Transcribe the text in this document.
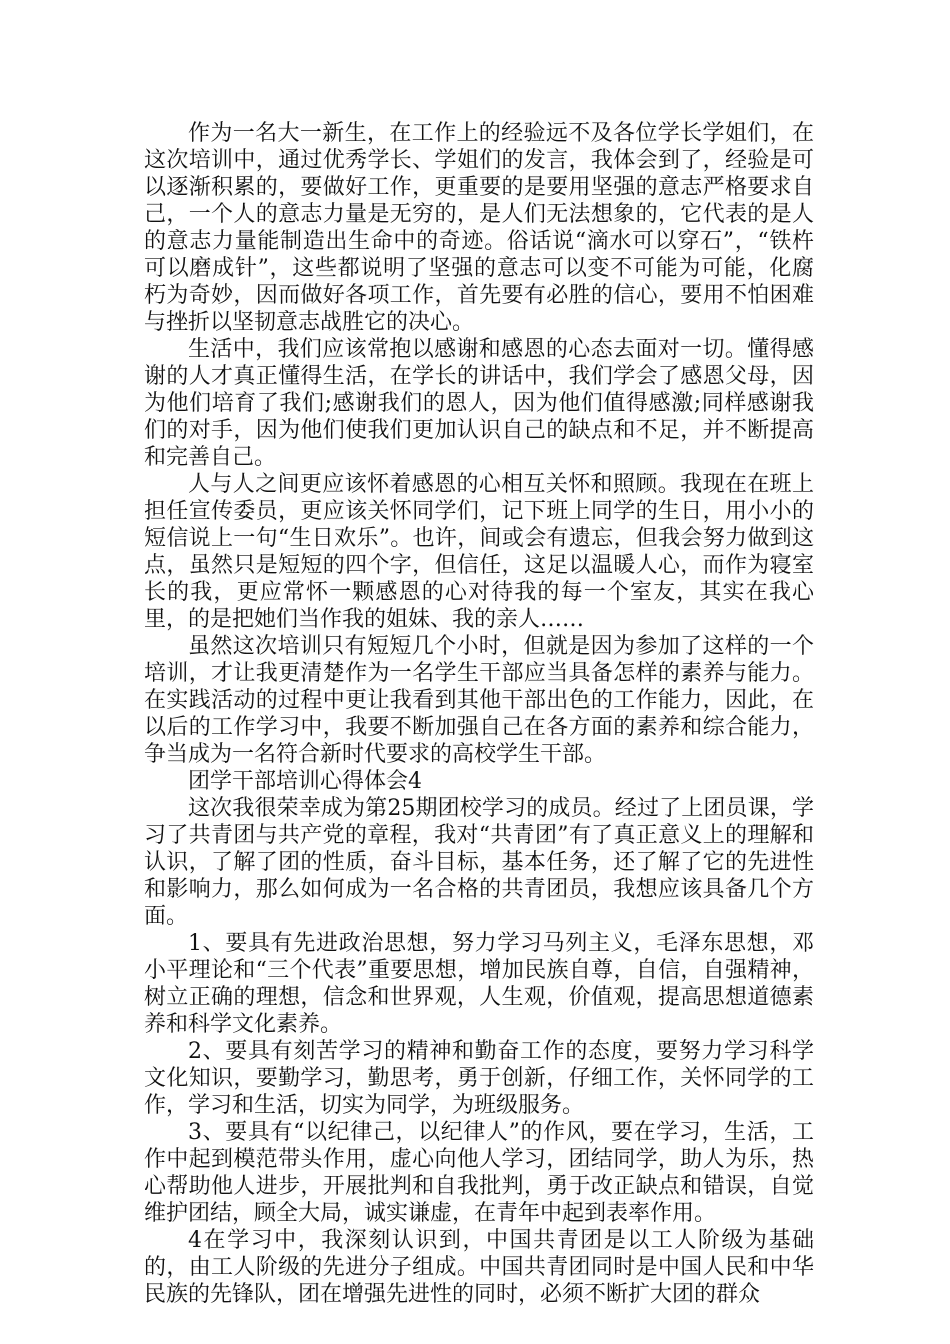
作为一名大一新生，在工作上的经验远不及各位学长学姐们，在这次培训中，通过优秀学长、学姐们的发言，我体会到了，经验是可以逐渐积累的，要做好工作，更重要的是要用坚强的意志严格要求自己，一个人的意志力量是无穷的，是人们无法想象的，它代表的是人的意志力量能制造出生命中的奇迹。俗话说“滴水可以穿石”，“铁杵可以磨成针”，这些都说明了坚强的意志可以变不可能为可能，化腐朽为奇妙，因而做好各项工作，首先要有必胜的信心，要用不怕困难与挫折以坚韧意志战胜它的决心。

生活中，我们应该常抱以感谢和感恩的心态去面对一切。懂得感谢的人才真正懂得生活，在学长的讲话中，我们学会了感恩父母，因为他们培育了我们;感谢我们的恩人，因为他们值得感激;同样感谢我们的对手，因为他们使我们更加认识自己的缺点和不足，并不断提高和完善自己。

人与人之间更应该怀着感恩的心相互关怀和照顾。我现在在班上担任宣传委员，更应该关怀同学们，记下班上同学的生日，用小小的短信说上一句“生日欢乐”。也许，间或会有遗忘，但我会努力做到这点，虽然只是短短的四个字，但信任，这足以温暖人心，而作为寝室长的我，更应常怀一颗感恩的心对待我的每一个室友，其实在我心里，的是把她们当作我的姐妹、我的亲人……

虽然这次培训只有短短几个小时，但就是因为参加了这样的一个培训，才让我更清楚作为一名学生干部应当具备怎样的素养与能力。在实践活动的过程中更让我看到其他干部出色的工作能力，因此，在以后的工作学习中，我要不断加强自己在各方面的素养和综合能力，争当成为一名符合新时代要求的高校学生干部。

团学干部培训心得体会4

这次我很荣幸成为第25期团校学习的成员。经过了上团员课，学习了共青团与共产党的章程，我对“共青团”有了真正意义上的理解和认识，了解了团的性质，奋斗目标，基本任务，还了解了它的先进性和影响力，那么如何成为一名合格的共青团员，我想应该具备几个方面。

1、要具有先进政治思想，努力学习马列主义，毛泽东思想，邓小平理论和“三个代表”重要思想，增加民族自尊，自信，自强精神，树立正确的理想，信念和世界观，人生观，价值观，提高思想道德素养和科学文化素养。

2、要具有刻苦学习的精神和勤奋工作的态度，要努力学习科学文化知识，要勤学习，勤思考，勇于创新，仔细工作，关怀同学的工作，学习和生活，切实为同学，为班级服务。

3、要具有“以纪律己，以纪律人”的作风，要在学习，生活，工作中起到模范带头作用，虚心向他人学习，团结同学，助人为乐，热心帮助他人进步，开展批判和自我批判，勇于改正缺点和错误，自觉维护团结，顾全大局，诚实谦虚，在青年中起到表率作用。

4在学习中，我深刻认识到，中国共青团是以工人阶级为基础的，由工人阶级的先进分子组成。中国共青团同时是中国人民和中华民族的先锋队，团在增强先进性的同时，必须不断扩大团的群众
